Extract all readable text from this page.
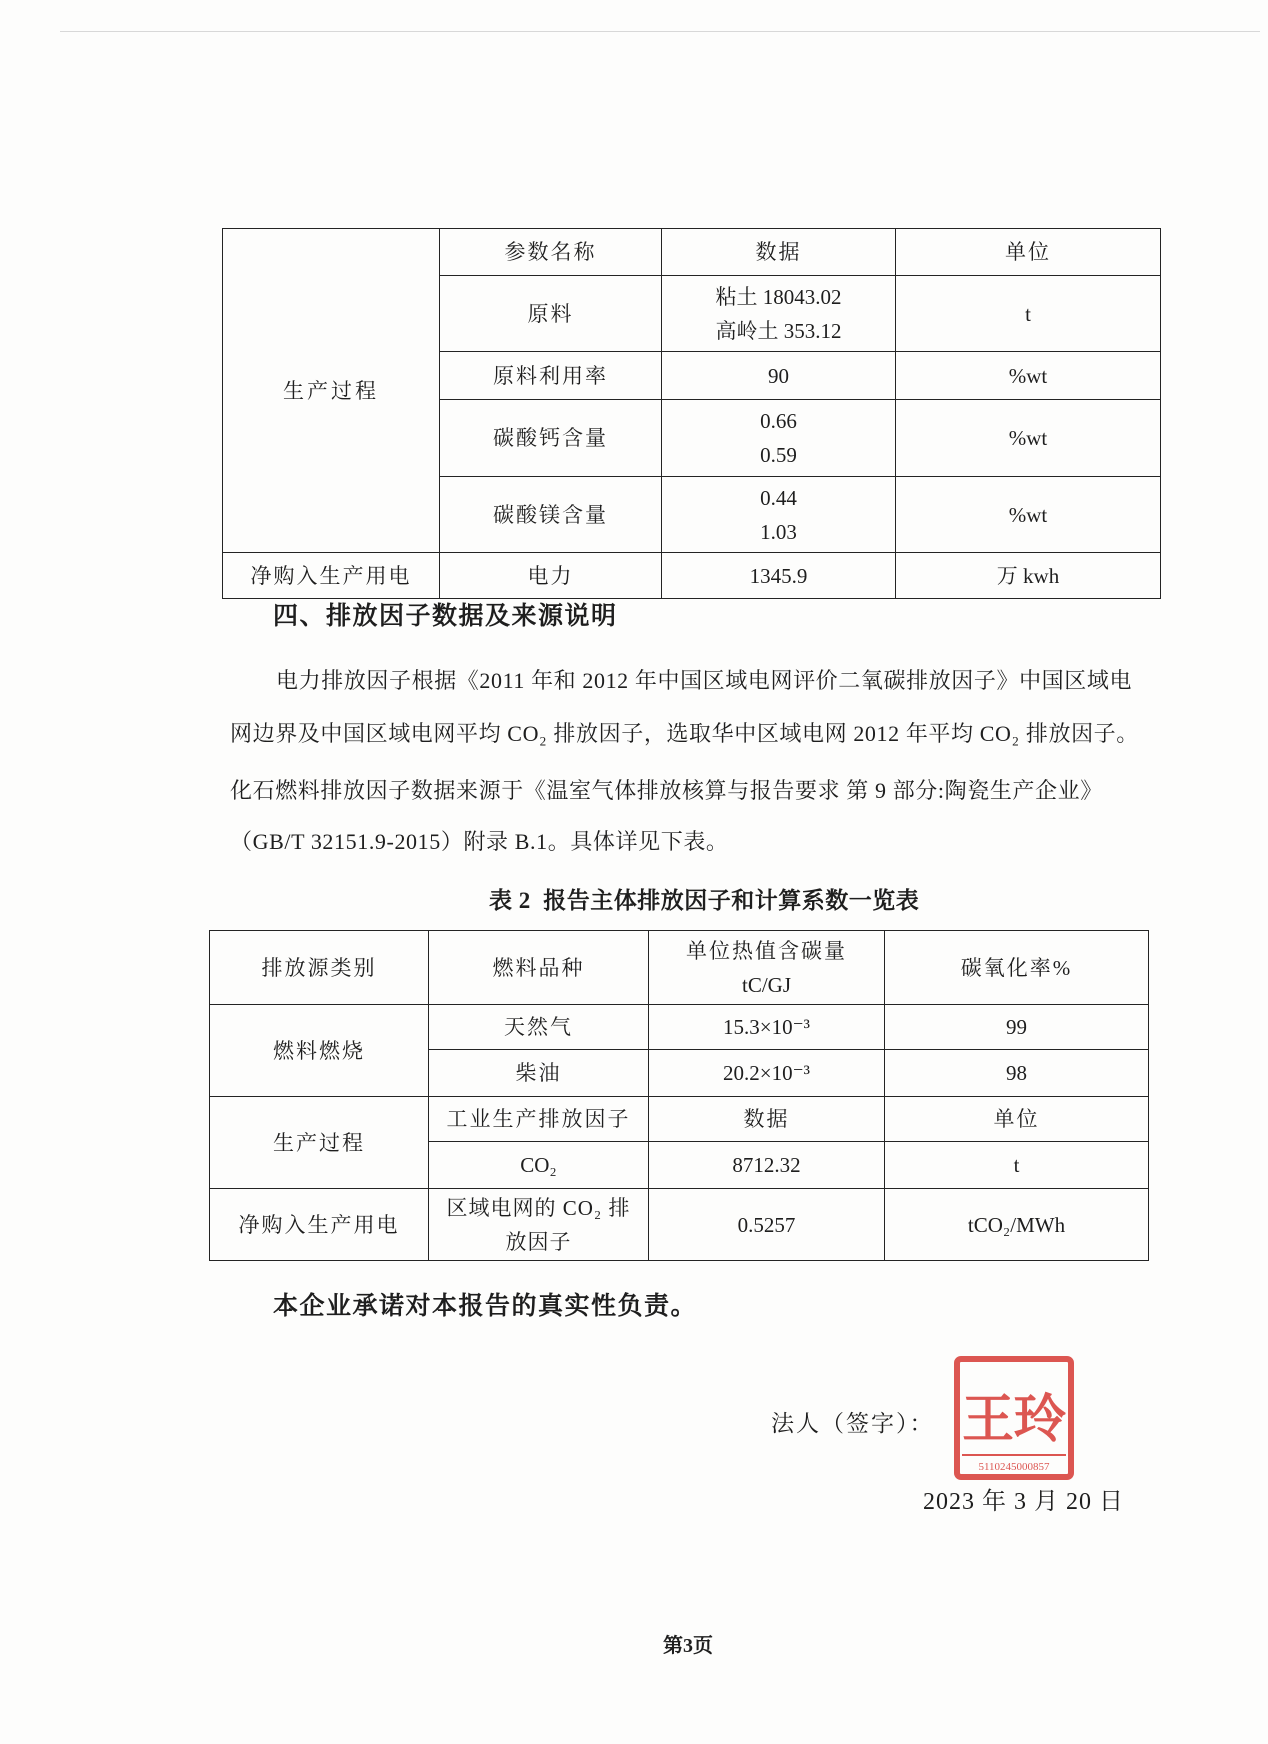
生产过程	参数名称	数据	单位
	原料	粘土 18043.02
高岭土 353.12	t
	原料利用率	90	%wt
	碳酸钙含量	0.66
0.59	%wt
	碳酸镁含量	0.44
1.03	%wt
净购入生产用电	电力	1345.9	万 kwh
四、排放因子数据及来源说明
电力排放因子根据《2011 年和 2012 年中国区域电网评价二氧碳排放因子》中国区域电
网边界及中国区域电网平均 CO₂ 排放因子，选取华中区域电网 2012 年平均 CO₂ 排放因子。
化石燃料排放因子数据来源于《温室气体排放核算与报告要求 第 9 部分:陶瓷生产企业》
（GB/T 32151.9-2015）附录 B.1。具体详见下表。
表 2  报告主体排放因子和计算系数一览表
排放源类别	燃料品种	单位热值含碳量
tC/GJ	碳氧化率%
燃料燃烧	天然气	15.3×10⁻³	99
	柴油	20.2×10⁻³	98
生产过程	工业生产排放因子	数据	单位
	CO₂	8712.32	t
净购入生产用电	区域电网的 CO₂ 排放因子	0.5257	tCO₂/MWh
本企业承诺对本报告的真实性负责。
法人（签字）： 王玲
5110245000857
2023 年 3 月 20 日
第3页
